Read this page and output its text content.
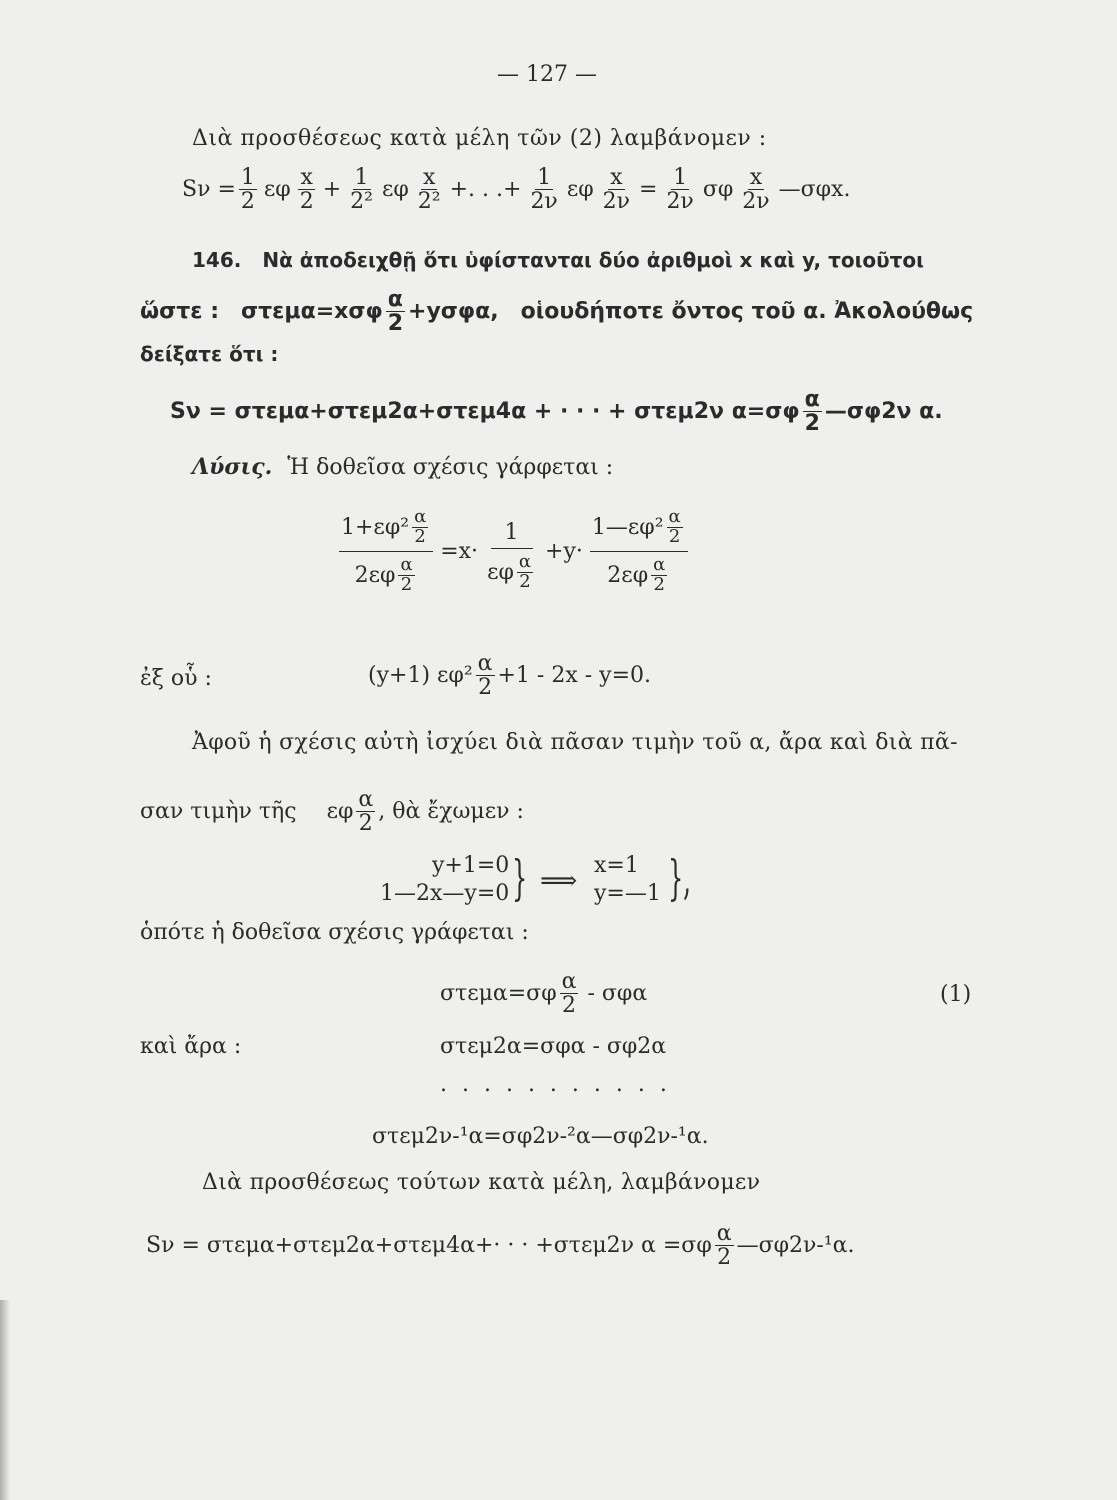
— 127 —
Διὰ προσθέσεως κατὰ μέλη τῶν (2) λαμβάνομεν :
$S\nu = \frac{1}{2}$ εφ $\frac{x}{2} + \frac{1}{\text{2²}}$ εφ $\frac{x}{\text{2²}}$ +. . .+ $\frac{1}{2\nu}$ εφ $\frac{x}{2\nu} = \frac{1}{2\nu}$ σφ $\frac{x}{2\nu}$ —σφx.
146. Νὰ ἀποδειχθῇ ὅτι ὑφίστανται δύο ἀριθμοὶ x καὶ y, τοιοῦτοι
ὥστε : $\sigma\tau\varepsilon\mu\alpha=x\sigma\varphi \frac{\alpha}{2} +y\sigma\varphi\alpha$, οἱουδήποτε ὄντος τοῦ α. Ἀκολούθως
δείξατε ὅτι :
Sν = στεμα+στεμ2α+στεμ4α + · · · + στεμ2ν $\alpha=\sigma\varphi \frac{\alpha}{2}$ —σφ2ν α.
Λύσις. Ἡ δοθεῖσα σχέσις γάρφεται :
$\frac{1+\varepsilon\varphi^2 \frac{\alpha}{2}}{2\varepsilon\varphi \frac{\alpha}{2}} =x\cdot \frac{1}{\varepsilon\varphi \frac{\alpha}{2}} +y\cdot \frac{1—\varepsilon\varphi^2 \frac{\alpha}{2}}{2\varepsilon\varphi \frac{\alpha}{2}}$
ἐξ οὗ :	(y+1) $\varepsilon\varphi^2 \frac{\alpha}{2} +1 - 2x - y=0$.
Ἀφοῦ ἡ σχέσις αὐτὴ ἰσχύει διὰ πᾶσαν τιμὴν τοῦ α, ἄρα καὶ διὰ πᾶ-
σαν τιμὴν τῆς εφ $\frac{\alpha}{2}$ , θὰ ἔχωμεν :
y+1=0
1—2x—y=0 } ⟹
x=1
y=—1 },
ὁπότε ἡ δοθεῖσα σχέσις γράφεται :
$\sigma\tau\varepsilon\mu\alpha=\sigma\varphi \frac{\alpha}{2} - \sigma\varphi\alpha$	(1)
καὶ ἄρα :	στεμ2α=σφα - σφ2α
. . . . . . . . . . .
στεμ2ν-¹α=σφ2ν-²α—σφ2ν-¹α.
Διὰ προσθέσεως τούτων κατὰ μέλη, λαμβάνομεν
Sν = στεμα+στεμ2α+στεμ4α+· · · +στεμ2ν $\alpha =\sigma\varphi \frac{\alpha}{2}$ —σφ2ν-¹α.
